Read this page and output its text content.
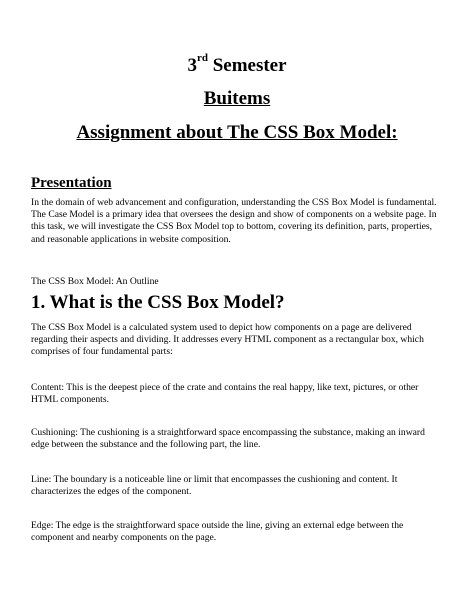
3rd Semester
Buitems
Assignment about The CSS Box Model:
Presentation

In the domain of web advancement and configuration, understanding the CSS Box Model is fundamental. The Case Model is a primary idea that oversees the design and show of components on a website page. In this task, we will investigate the CSS Box Model top to bottom, covering its definition, parts, properties, and reasonable applications in website composition.

The CSS Box Model: An Outline

1. What is the CSS Box Model?

The CSS Box Model is a calculated system used to depict how components on a page are delivered regarding their aspects and dividing. It addresses every HTML component as a rectangular box, which comprises of four fundamental parts:

Content: This is the deepest piece of the crate and contains the real happy, like text, pictures, or other HTML components.

Cushioning: The cushioning is a straightforward space encompassing the substance, making an inward edge between the substance and the following part, the line.

Line: The boundary is a noticeable line or limit that encompasses the cushioning and content. It characterizes the edges of the component.

Edge: The edge is the straightforward space outside the line, giving an external edge between the component and nearby components on the page.
